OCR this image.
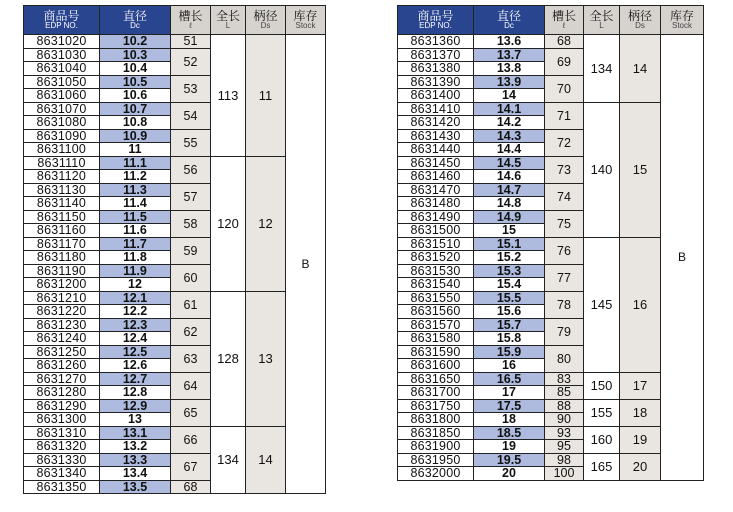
商品号
EDP NO.	直径
Dc	槽长
ℓ	全长
L	柄径
Ds	库存
Stock

8631020	10.2	51	113	11	B
8631030	10.3	52			
8631040	10.4				
8631050	10.5	53			
8631060	10.6				
8631070	10.7	54			
8631080	10.8				
8631090	10.9	55			
8631100	11				
8631110	11.1	56	120	12	
8631120	11.2				
8631130	11.3	57			
8631140	11.4				
8631150	11.5	58			
8631160	11.6				
8631170	11.7	59			
8631180	11.8				
8631190	11.9	60			
8631200	12				
8631210	12.1	61	128	13	
8631220	12.2				
8631230	12.3	62			
8631240	12.4				
8631250	12.5	63			
8631260	12.6				
8631270	12.7	64			
8631280	12.8				
8631290	12.9	65			
8631300	13				
8631310	13.1	66	134	14	
8631320	13.2				
8631330	13.3	67			
8631340	13.4				
8631350	13.5	68			
商品号
EDP NO.	直径
Dc	槽长
ℓ	全长
L	柄径
Ds	库存
Stock

8631360	13.6	68	134	14	B
8631370	13.7	69			
8631380	13.8				
8631390	13.9	70			
8631400	14				
8631410	14.1	71	140	15	
8631420	14.2				
8631430	14.3	72			
8631440	14.4				
8631450	14.5	73			
8631460	14.6				
8631470	14.7	74			
8631480	14.8				
8631490	14.9	75			
8631500	15				
8631510	15.1	76	145	16	
8631520	15.2				
8631530	15.3	77			
8631540	15.4				
8631550	15.5	78			
8631560	15.6				
8631570	15.7	79			
8631580	15.8				
8631590	15.9	80			
8631600	16				
8631650	16.5	83	150	17	
8631700	17	85			
8631750	17.5	88	155	18	
8631800	18	90			
8631850	18.5	93	160	19	
8631900	19	95			
8631950	19.5	98	165	20	
8632000	20	100			
